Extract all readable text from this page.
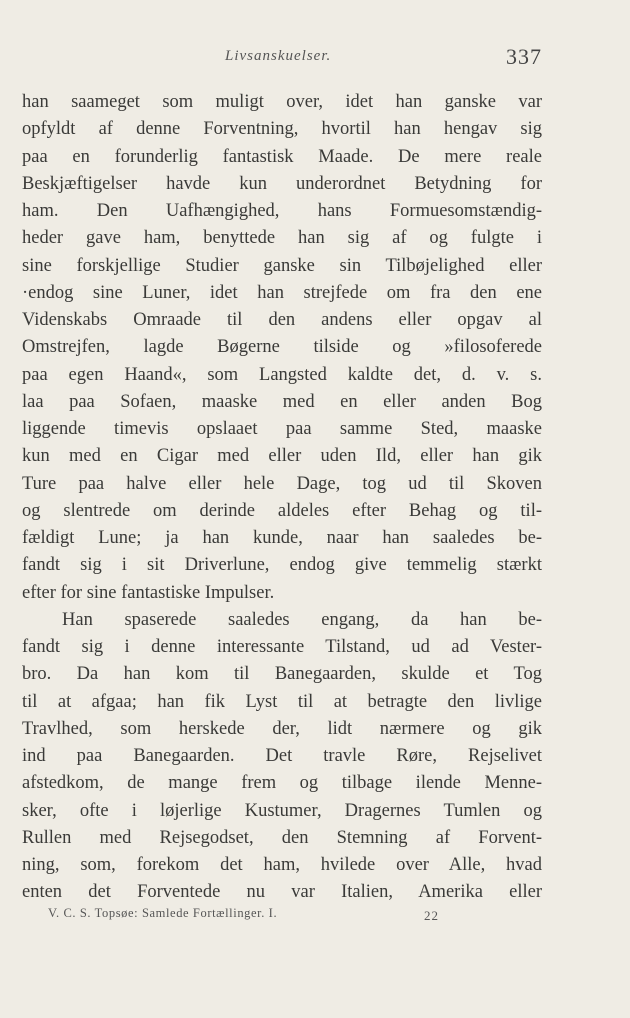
Livsanskuelser.	337
han saameget som muligt over, idet han ganske var
opfyldt af denne Forventning, hvortil han hengav sig
paa en forunderlig fantastisk Maade. De mere reale
Beskjæftigelser havde kun underordnet Betydning for
ham. Den Uafhængighed, hans Formuesomstændig-
heder gave ham, benyttede han sig af og fulgte i
sine forskjellige Studier ganske sin Tilbøjelighed eller
·endog sine Luner, idet han strejfede om fra den ene
Videnskabs Omraade til den andens eller opgav al
Omstrejfen, lagde Bøgerne tilside og »filosoferede
paa egen Haand«, som Langsted kaldte det, d. v. s.
laa paa Sofaen, maaske med en eller anden Bog
liggende timevis opslaaet paa samme Sted, maaske
kun med en Cigar med eller uden Ild, eller han gik
Ture paa halve eller hele Dage, tog ud til Skoven
og slentrede om derinde aldeles efter Behag og til-
fældigt Lune; ja han kunde, naar han saaledes be-
fandt sig i sit Driverlune, endog give temmelig stærkt
efter for sine fantastiske Impulser.
Han spaserede saaledes engang, da han be-
fandt sig i denne interessante Tilstand, ud ad Vester-
bro. Da han kom til Banegaarden, skulde et Tog
til at afgaa; han fik Lyst til at betragte den livlige
Travlhed, som herskede der, lidt nærmere og gik
ind paa Banegaarden. Det travle Røre, Rejselivet
afstedkom, de mange frem og tilbage ilende Menne-
sker, ofte i løjerlige Kustumer, Dragernes Tumlen og
Rullen med Rejsegodset, den Stemning af Forvent-
ning, som, forekom det ham, hvilede over Alle, hvad
enten det Forventede nu var Italien, Amerika eller
V. C. S. Topsøe: Samlede Fortællinger. I.	22
